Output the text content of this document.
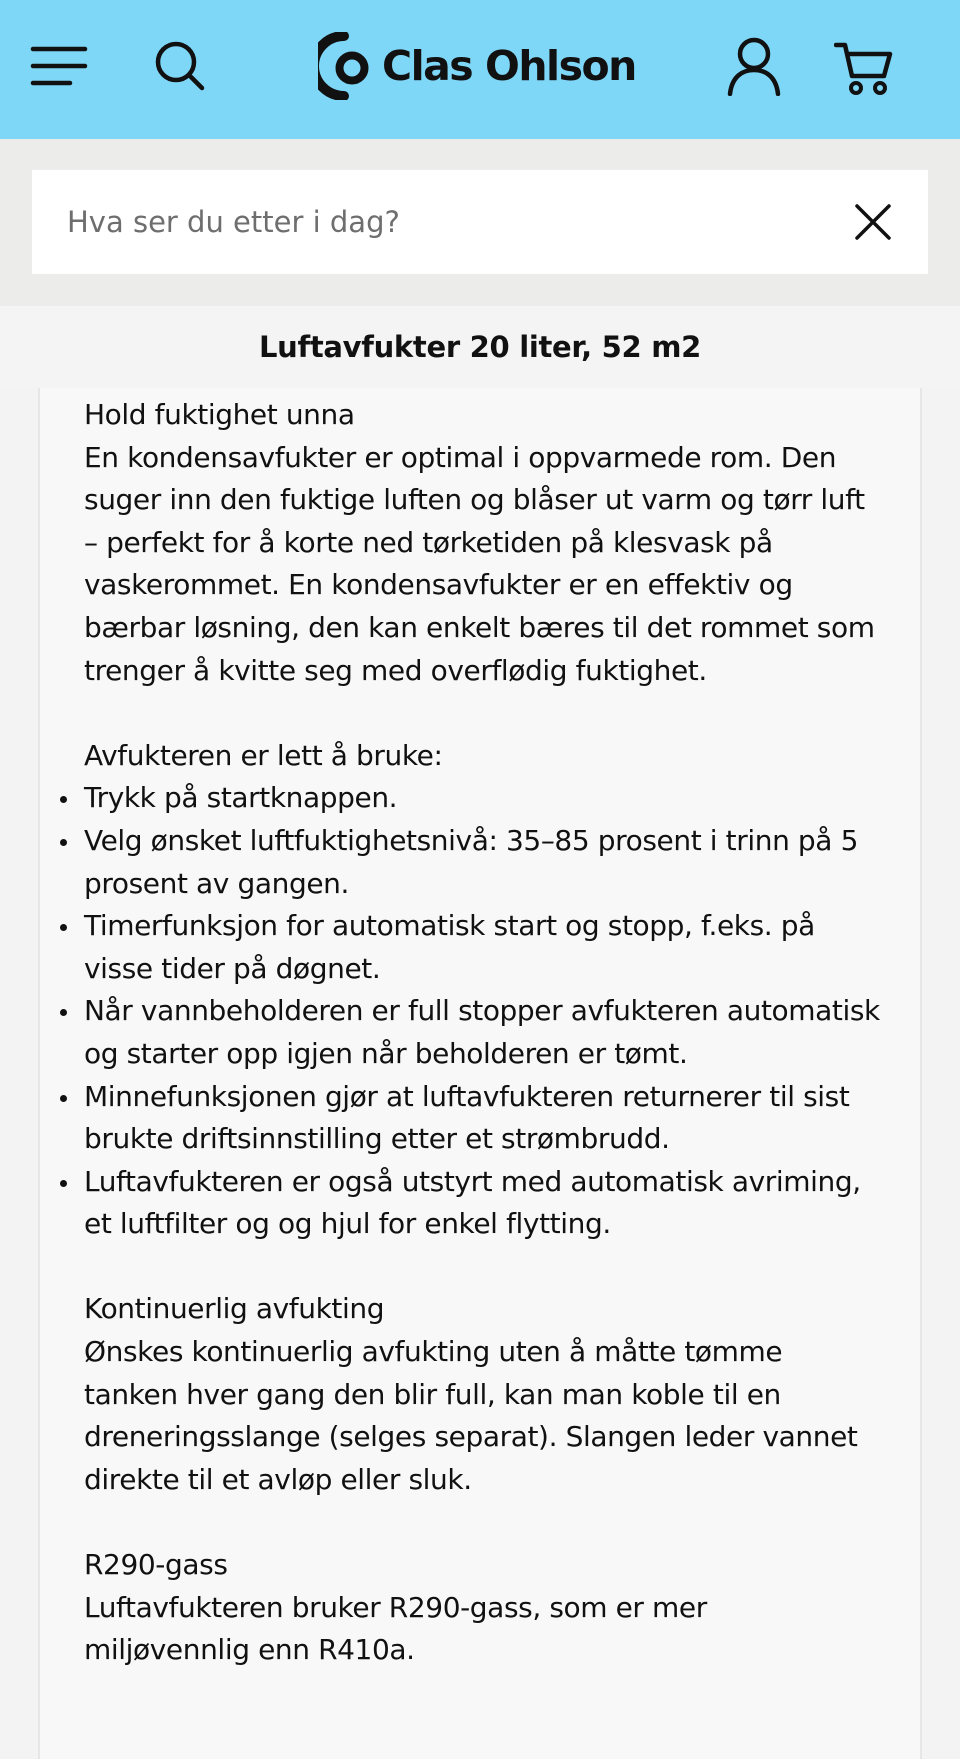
Clas Ohlson
Hva ser du etter i dag?
Luftavfukter 20 liter, 52 m2

Hold fuktighet unna

En kondensavfukter er optimal i oppvarmede rom. Den suger inn den fuktige luften og blåser ut varm og tørr luft – perfekt for å korte ned tørketiden på klesvask på vaskerommet. En kondensavfukter er en effektiv og bærbar løsning, den kan enkelt bæres til det rommet som trenger å kvitte seg med overflødig fuktighet.

Avfukteren er lett å bruke:

Trykk på startknappen.
Velg ønsket luftfuktighetsnivå: 35–85 prosent i trinn på 5 prosent av gangen.
Timerfunksjon for automatisk start og stopp, f.eks. på visse tider på døgnet.
Når vannbeholderen er full stopper avfukteren automatisk og starter opp igjen når beholderen er tømt.
Minnefunksjonen gjør at luftavfukteren returnerer til sist brukte driftsinnstilling etter et strømbrudd.
Luftavfukteren er også utstyrt med automatisk avriming, et luftfilter og og hjul for enkel flytting.

Kontinuerlig avfukting

Ønskes kontinuerlig avfukting uten å måtte tømme tanken hver gang den blir full, kan man koble til en dreneringsslange (selges separat). Slangen leder vannet direkte til et avløp eller sluk.

R290-gass

Luftavfukteren bruker R290-gass, som er mer miljøvennlig enn R410a.
